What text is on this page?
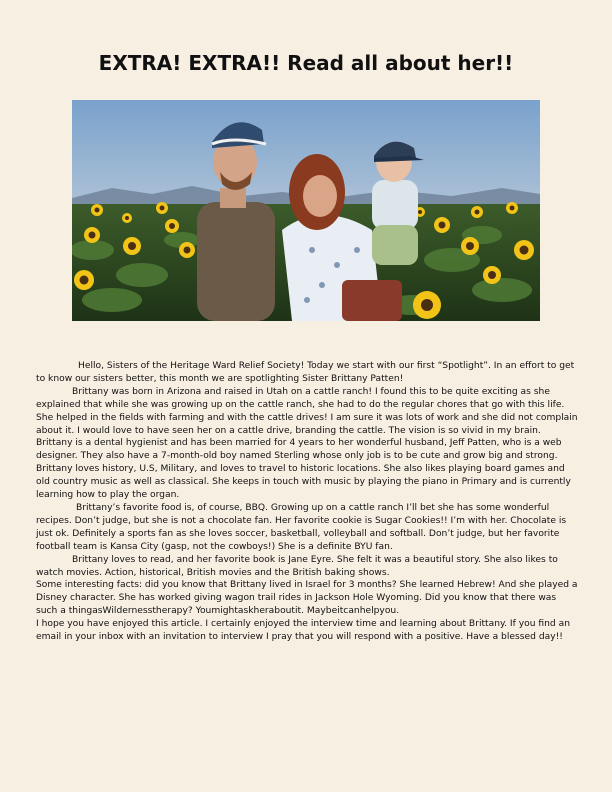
EXTRA! EXTRA!! Read all about her!!

Hello, Sisters of the Heritage Ward Relief Society! Today we start with our first “Spotlight”. In an effort to get to know our sisters better, this month we are spotlighting Sister Brittany Patten!

Brittany was born in Arizona and raised in Utah on a cattle ranch! I found this to be quite exciting as she explained that while she was growing up on the cattle ranch, she had to do the regular chores that go with this life. She helped in the fields with farming and with the cattle drives! I am sure it was lots of work and she did not complain about it. I would love to have seen her on a cattle drive, branding the cattle. The vision is so vivid in my brain.

Brittany is a dental hygienist and has been married for 4 years to her wonderful husband, Jeff Patten, who is a web designer. They also have a 7-month-old boy named Sterling whose only job is to be cute and grow big and strong.

Brittany loves history, U.S, Military, and loves to travel to historic locations. She also likes playing board games and old country music as well as classical. She keeps in touch with music by playing the piano in Primary and is currently learning how to play the organ.

Brittany’s favorite food is, of course, BBQ. Growing up on a cattle ranch I’ll bet she has some wonderful recipes. Don’t judge, but she is not a chocolate fan. Her favorite cookie is Sugar Cookies!! I’m with her. Chocolate is just ok. Definitely a sports fan as she loves soccer, basketball, volleyball and softball. Don’t judge, but her favorite football team is Kansa City (gasp, not the cowboys!) She is a definite BYU fan.

Brittany loves to read, and her favorite book is Jane Eyre. She felt it was a beautiful story. She also likes to watch movies. Action, historical, British movies and the British baking shows.

Some interesting facts: did you know that Brittany lived in Israel for 3 months? She learned Hebrew! And she played a Disney character. She has worked giving wagon trail rides in Jackson Hole Wyoming. Did you know that there was such a thingasWildernesstherapy? Youmightaskheraboutit. Maybeitcanhelpyou.

I hope you have enjoyed this article. I certainly enjoyed the interview time and learning about Brittany. If you find an email in your inbox with an invitation to interview I pray that you will respond with a positive. Have a blessed day!!
